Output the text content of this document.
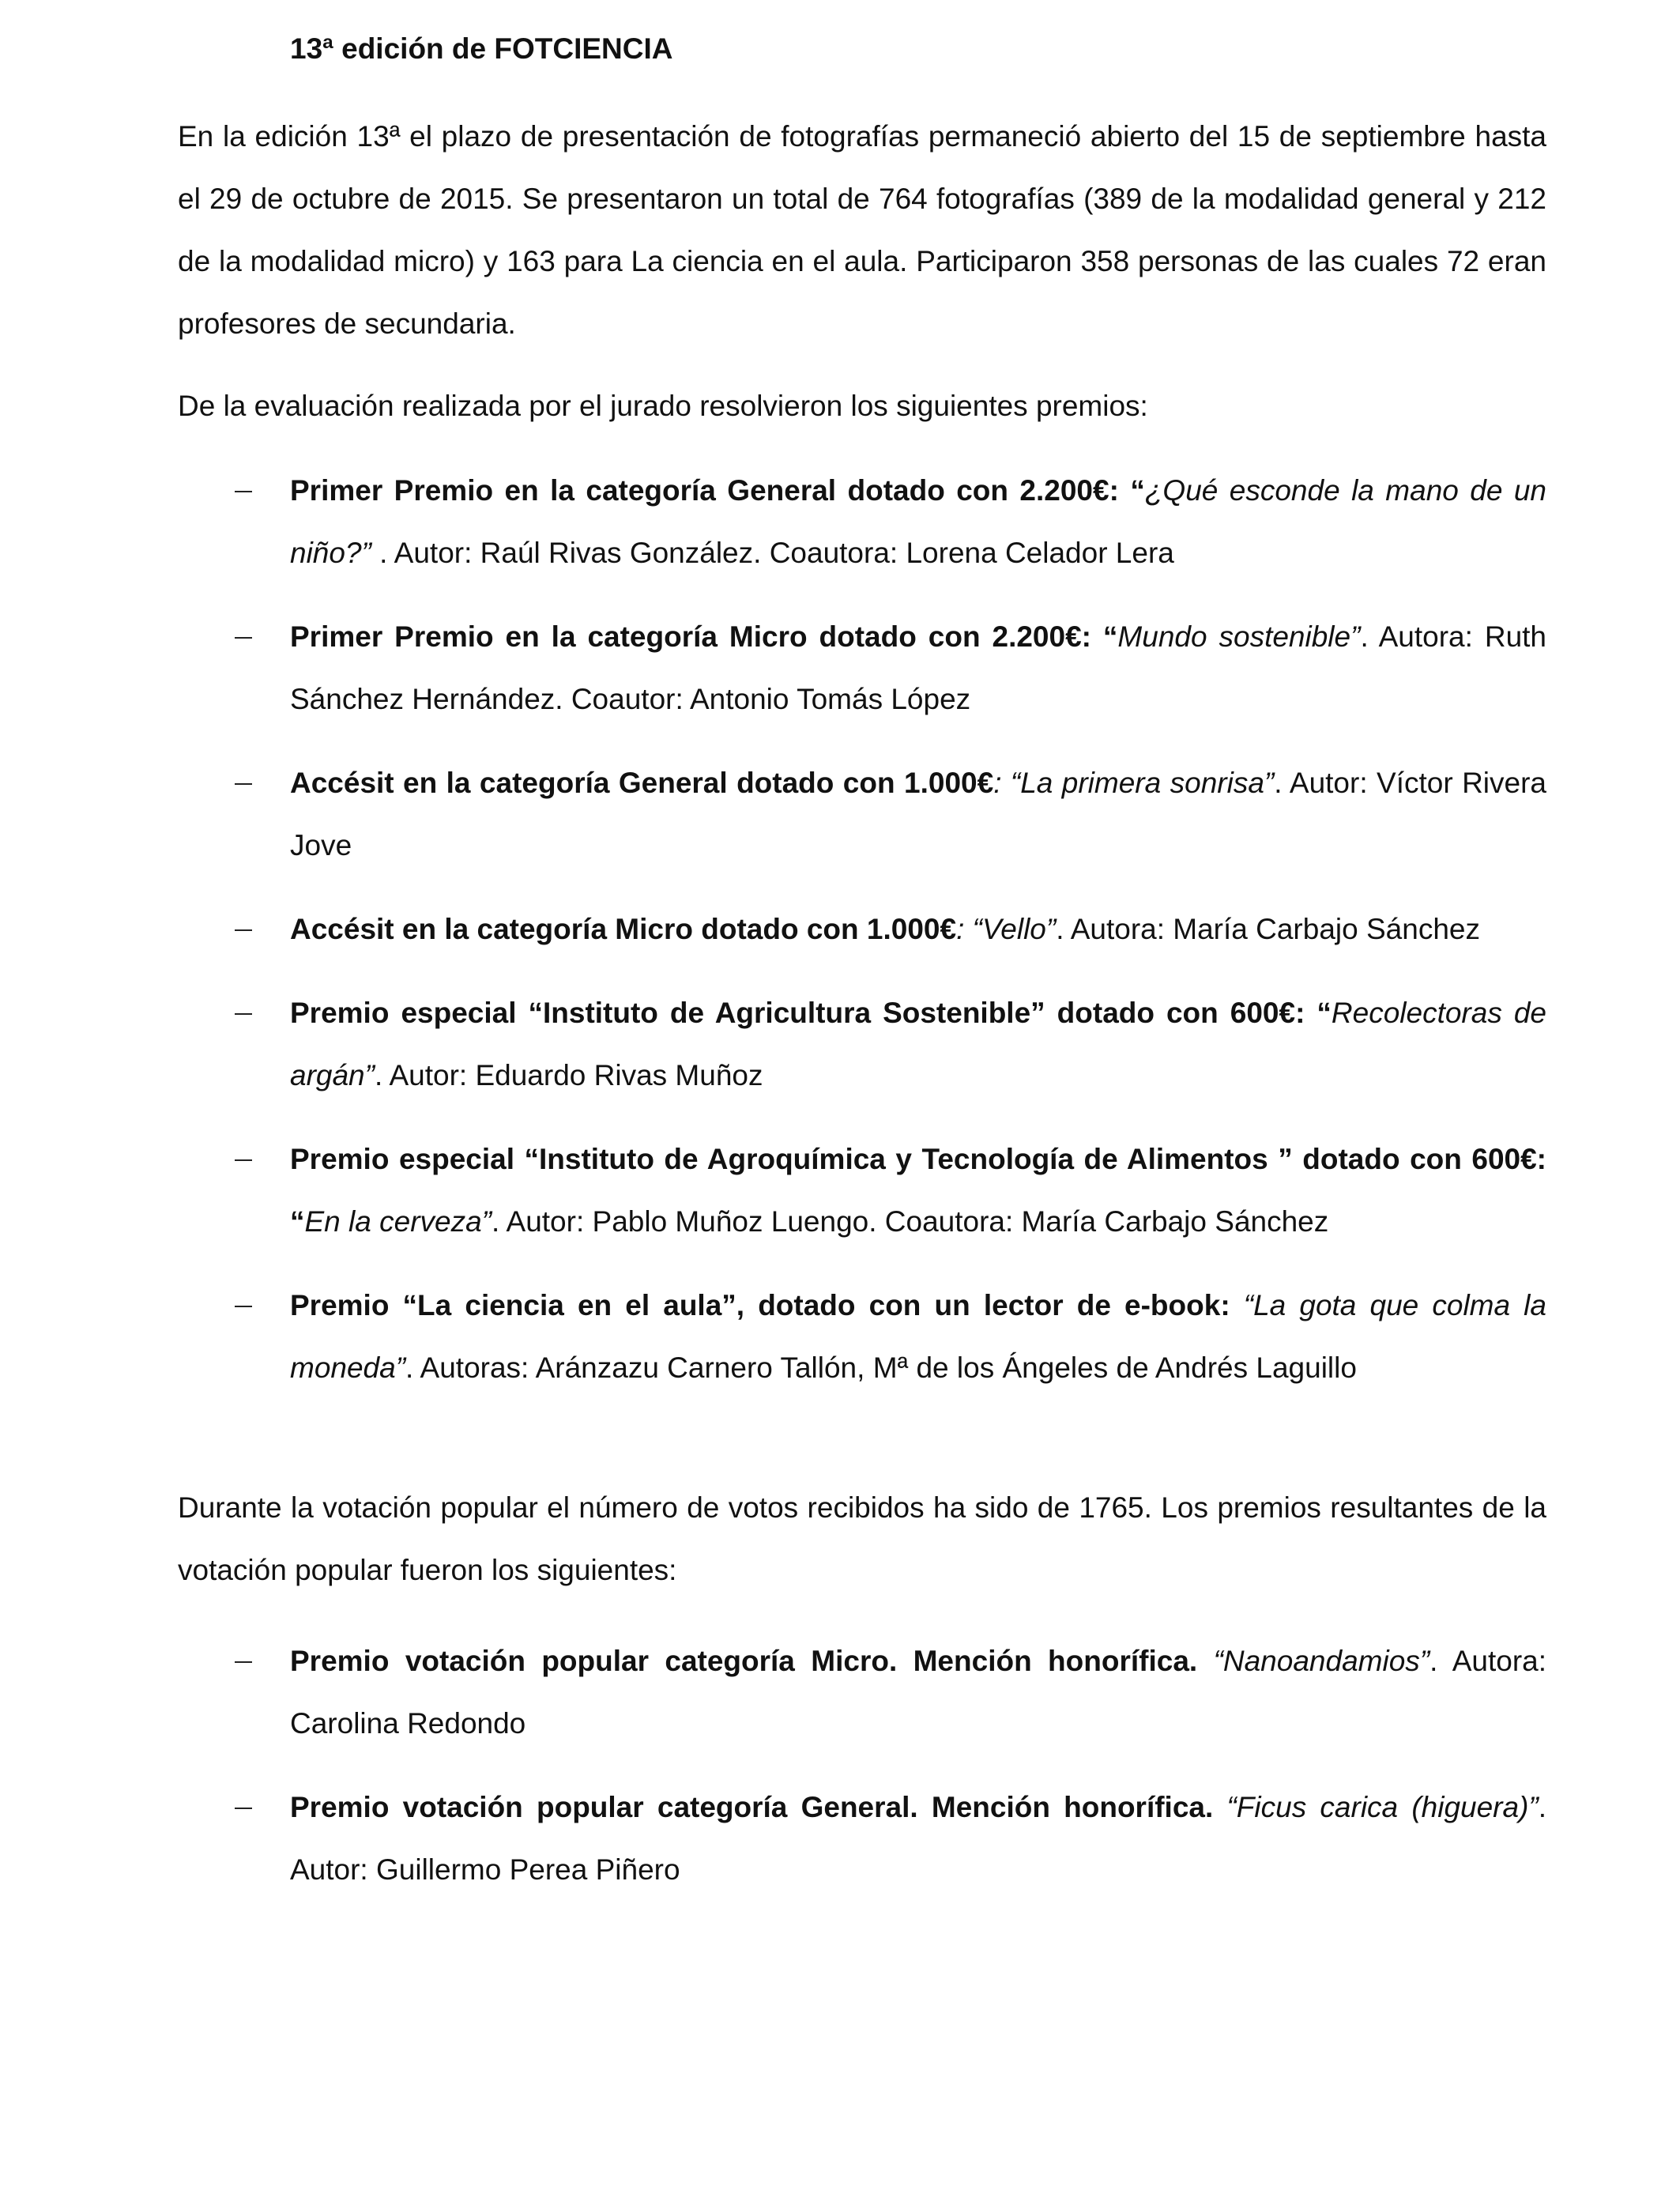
13ª edición de FOTCIENCIA

En la edición 13ª el plazo de presentación de fotografías permaneció abierto del 15 de septiembre hasta el 29 de octubre de 2015. Se presentaron un total de 764 fotografías (389 de la modalidad general y 212 de la modalidad micro) y 163 para La ciencia en el aula. Participaron 358 personas de las cuales 72 eran profesores de secundaria.

De la evaluación realizada por el jurado resolvieron los siguientes premios:

Primer Premio en la categoría General dotado con 2.200€: “¿Qué esconde la mano de un niño?” . Autor: Raúl Rivas González. Coautora: Lorena Celador Lera
Primer Premio en la categoría Micro dotado con 2.200€: “Mundo sostenible”. Autora: Ruth Sánchez Hernández. Coautor: Antonio Tomás López
Accésit en la categoría General dotado con 1.000€: “La primera sonrisa”. Autor: Víctor Rivera Jove
Accésit en la categoría Micro dotado con 1.000€: “Vello”. Autora: María Carbajo Sánchez
Premio especial “Instituto de Agricultura Sostenible” dotado con 600€: “Recolectoras de argán”. Autor: Eduardo Rivas Muñoz
Premio especial “Instituto de Agroquímica y Tecnología de Alimentos ” dotado con 600€: “En la cerveza”. Autor: Pablo Muñoz Luengo. Coautora: María Carbajo Sánchez
Premio “La ciencia en el aula”, dotado con un lector de e-book: “La gota que colma la moneda”. Autoras: Aránzazu Carnero Tallón, Mª de los Ángeles de Andrés Laguillo

Durante la votación popular el número de votos recibidos ha sido de 1765. Los premios resultantes de la votación popular fueron los siguientes:

Premio votación popular categoría Micro. Mención honorífica. “Nanoandamios”. Autora: Carolina Redondo
Premio votación popular categoría General. Mención honorífica. “Ficus carica (higuera)”. Autor: Guillermo Perea Piñero
